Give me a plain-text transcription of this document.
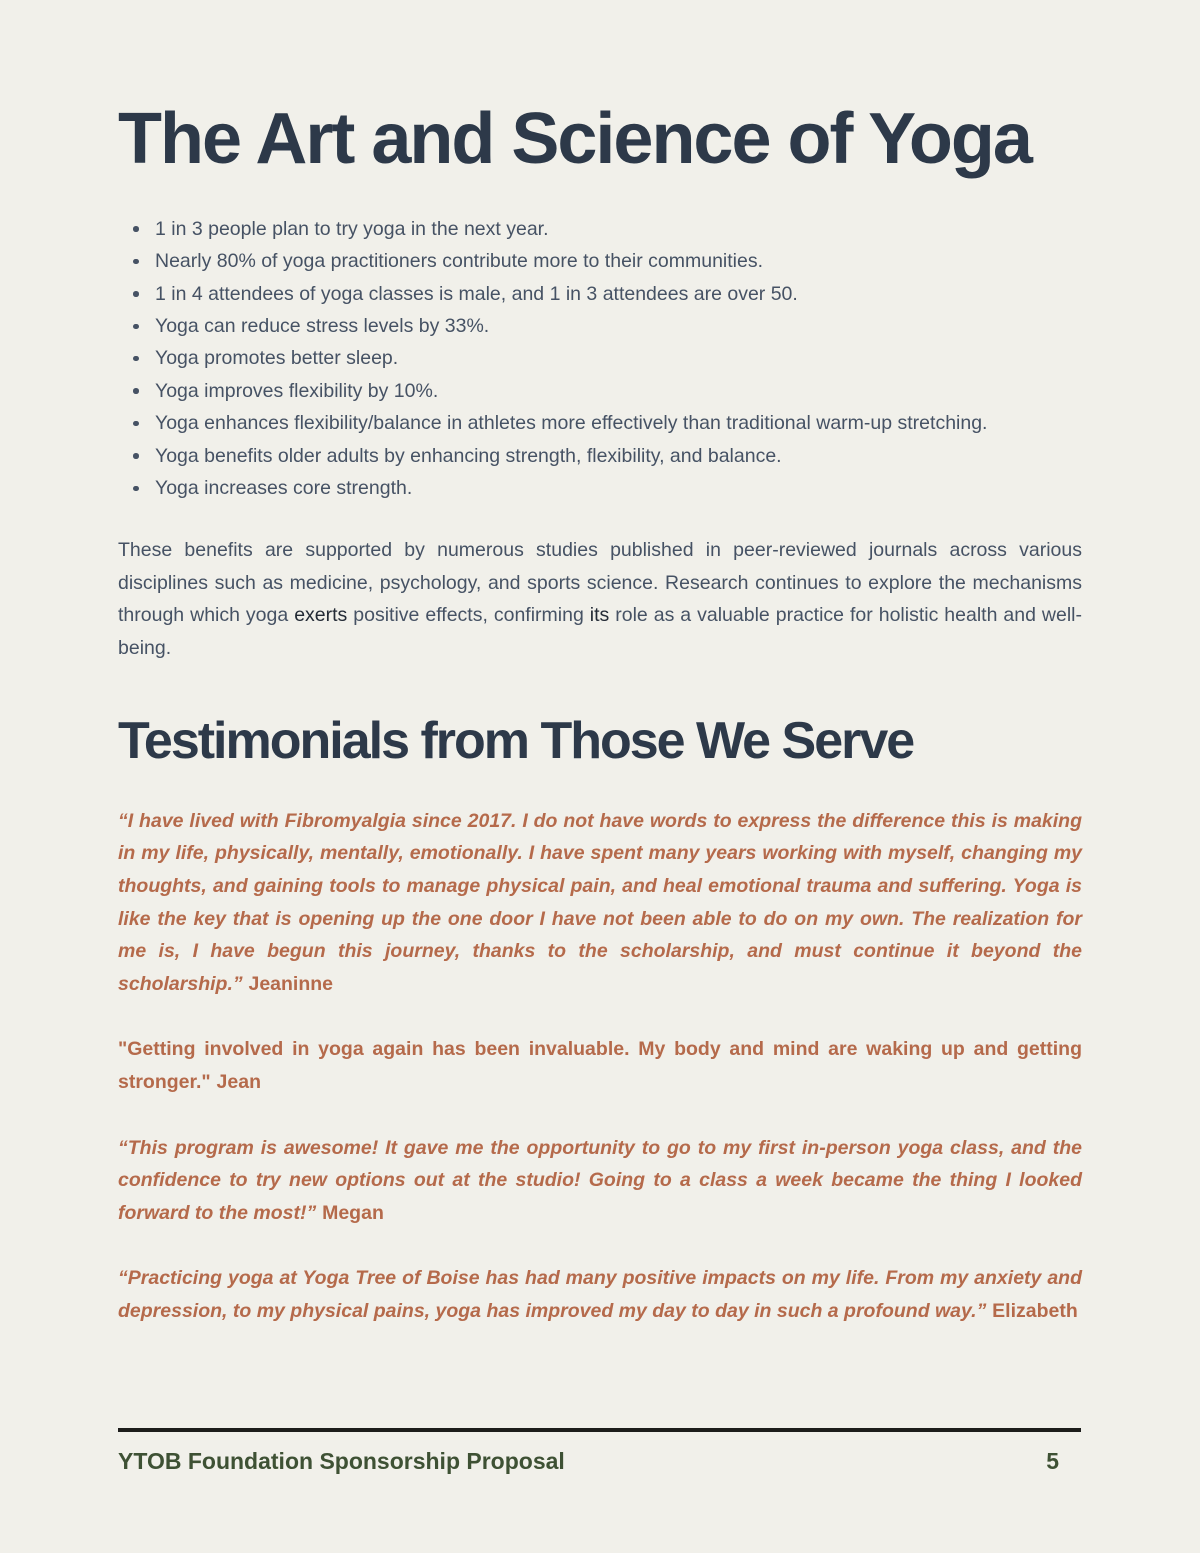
The Art and Science of Yoga
1 in 3 people plan to try yoga in the next year.
Nearly 80% of yoga practitioners contribute more to their communities.
1 in 4 attendees of yoga classes is male, and 1 in 3 attendees are over 50.
Yoga can reduce stress levels by 33%.
Yoga promotes better sleep.
Yoga improves flexibility by 10%.
Yoga enhances flexibility/balance in athletes more effectively than traditional warm-up stretching.
Yoga benefits older adults by enhancing strength, flexibility, and balance.
Yoga increases core strength.

These benefits are supported by numerous studies published in peer-reviewed journals across various disciplines such as medicine, psychology, and sports science. Research continues to explore the mechanisms through which yoga exerts positive effects, confirming its role as a valuable practice for holistic health and well-being.

Testimonials from Those We Serve

“I have lived with Fibromyalgia since 2017. I do not have words to express the difference this is making in my life, physically, mentally, emotionally. I have spent many years working with myself, changing my thoughts, and gaining tools to manage physical pain, and heal emotional trauma and suffering. Yoga is like the key that is opening up the one door I have not been able to do on my own. The realization for me is, I have begun this journey, thanks to the scholarship, and must continue it beyond the scholarship.” Jeaninne

"Getting involved in yoga again has been invaluable. My body and mind are waking up and getting stronger." Jean

“This program is awesome! It gave me the opportunity to go to my first in-person yoga class, and the confidence to try new options out at the studio! Going to a class a week became the thing I looked forward to the most!” Megan

“Practicing yoga at Yoga Tree of Boise has had many positive impacts on my life. From my anxiety and depression, to my physical pains, yoga has improved my day to day in such a profound way.” Elizabeth

YTOB Foundation Sponsorship Proposal	5
